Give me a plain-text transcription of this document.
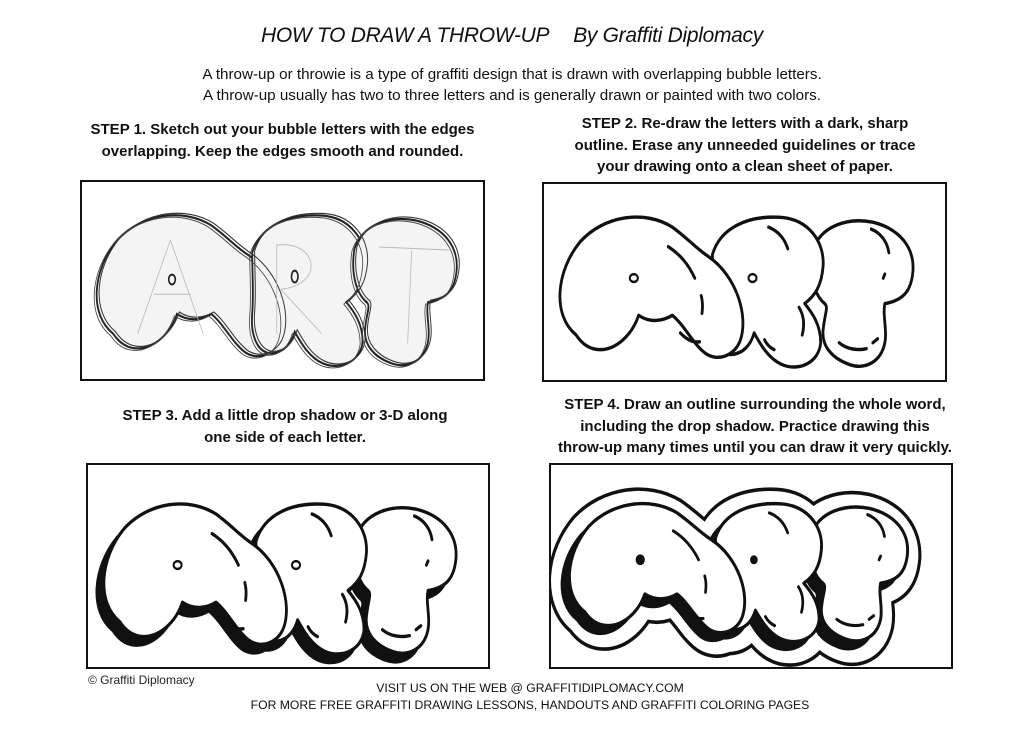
HOW TO DRAW A THROW-UP By Graffiti Diplomacy
A throw-up or throwie is a type of graffiti design that is drawn with overlapping bubble letters.
A throw-up usually has two to three letters and is generally drawn or painted with two colors.
STEP 1. Sketch out your bubble letters with the edges
overlapping. Keep the edges smooth and rounded.
STEP 2. Re-draw the letters with a dark, sharp
outline. Erase any unneeded guidelines or trace
your drawing onto a clean sheet of paper.
STEP 3. Add a little drop shadow or 3-D along
one side of each letter.
STEP 4. Draw an outline surrounding the whole word,
including the drop shadow. Practice drawing this
throw-up many times until you can draw it very quickly.
© Graffiti Diplomacy
VISIT US ON THE WEB @ GRAFFITIDIPLOMACY.COM
FOR MORE FREE GRAFFITI DRAWING LESSONS, HANDOUTS AND GRAFFITI COLORING PAGES
